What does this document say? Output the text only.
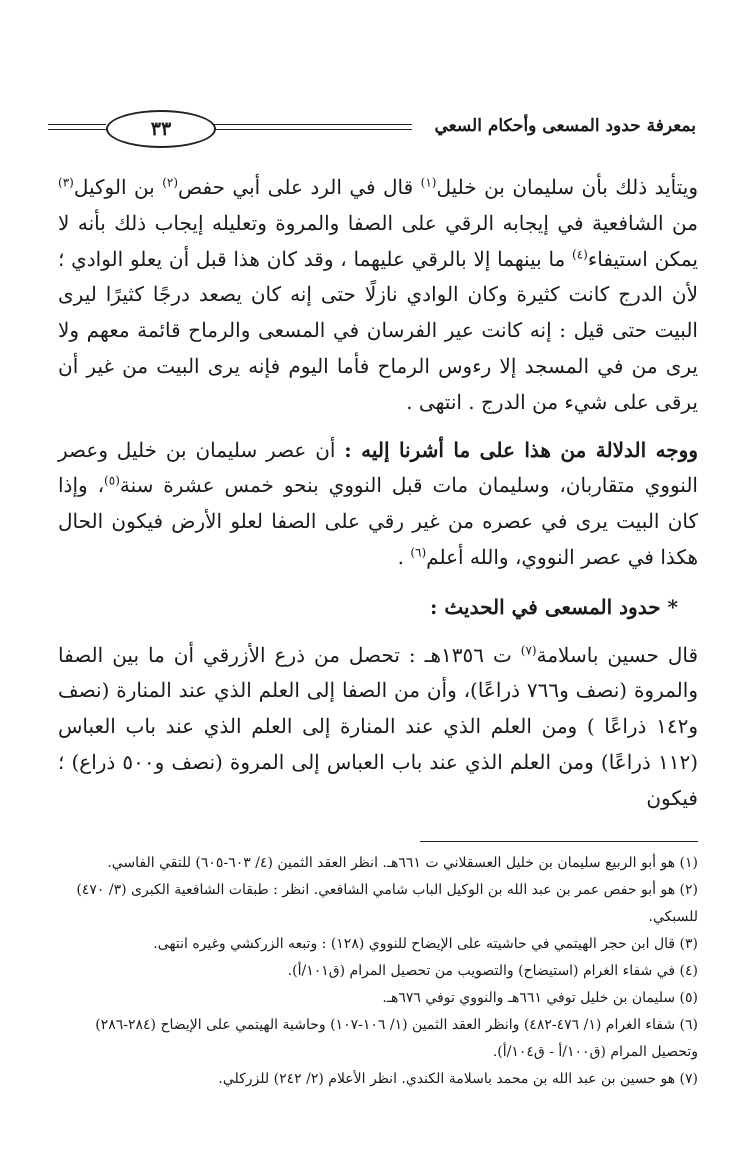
بمعرفة حدود المسعى وأحكام السعي
٣٣

ويتأيد ذلك بأن سليمان بن خليل$^{(١)}$ قال في الرد على أبي حفص$^{(٢)}$ بن الوكيل$^{(٣)}$ من الشافعية في إيجابه الرقي على الصفا والمروة وتعليله إيجاب ذلك بأنه لا يمكن استيفاء$^{(٤)}$ ما بينهما إلا بالرقي عليهما ، وقد كان هذا قبل أن يعلو الوادي ؛ لأن الدرج كانت كثيرة وكان الوادي نازلًا حتى إنه كان يصعد درجًا كثيرًا ليرى البيت حتى قيل : إنه كانت عير الفرسان في المسعى والرماح قائمة معهم ولا يرى من في المسجد إلا رءوس الرماح فأما اليوم فإنه يرى البيت من غير أن يرقى على شيء من الدرج . انتهى .

ووجه الدلالة من هذا على ما أشرنا إليه : أن عصر سليمان بن خليل وعصر النووي متقاربان، وسليمان مات قبل النووي بنحو خمس عشرة سنة$^{(٥)}$، وإذا كان البيت يرى في عصره من غير رقي على الصفا لعلو الأرض فيكون الحال هكذا في عصر النووي، والله أعلم$^{(٦)}$ .

* حدود المسعى في الحديث :

قال حسين باسلامة$^{(٧)}$ ت ١٣٥٦هـ : تحصل من ذرع الأزرقي أن ما بين الصفا والمروة (نصف و٧٦٦ ذراعًا)، وأن من الصفا إلى العلم الذي عند المنارة (نصف و١٤٢ ذراعًا ) ومن العلم الذي عند المنارة إلى العلم الذي عند باب العباس (١١٢ ذراعًا) ومن العلم الذي عند باب العباس إلى المروة (نصف و٥٠٠ ذراع) ؛ فيكون

(١) هو أبو الربيع سليمان بن خليل العسقلاني ت ٦٦١هـ. انظر العقد الثمين (٤/ ٦٠٣-٦٠٥) للتقي الفاسي.

(٢) هو أبو حفص عمر بن عبد الله بن الوكيل الباب شامي الشافعي. انظر : طبقات الشافعية الكبرى (٣/ ٤٧٠) للسبكي.

(٣) قال ابن حجر الهيتمي في حاشيته على الإيضاح للنووي (١٢٨) : وتبعه الزركشي وغيره انتهى.

(٤) في شفاء الغرام (استيضاح) والتصويب من تحصيل المرام (ق١٠١/أ).

(٥) سليمان بن خليل توفي ٦٦١هـ والنووي توفي ٦٧٦هـ.

(٦) شفاء الغرام (١/ ٤٧٦-٤٨٢) وانظر العقد الثمين (١/ ١٠٦-١٠٧) وحاشية الهيتمي على الإيضاح (٢٨٤-٢٨٦) وتحصيل المرام (ق١٠٠/أ - ق١٠٤/أ).

(٧) هو حسين بن عبد الله بن محمد باسلامة الكندي. انظر الأعلام (٢/ ٢٤٢) للزركلي.
